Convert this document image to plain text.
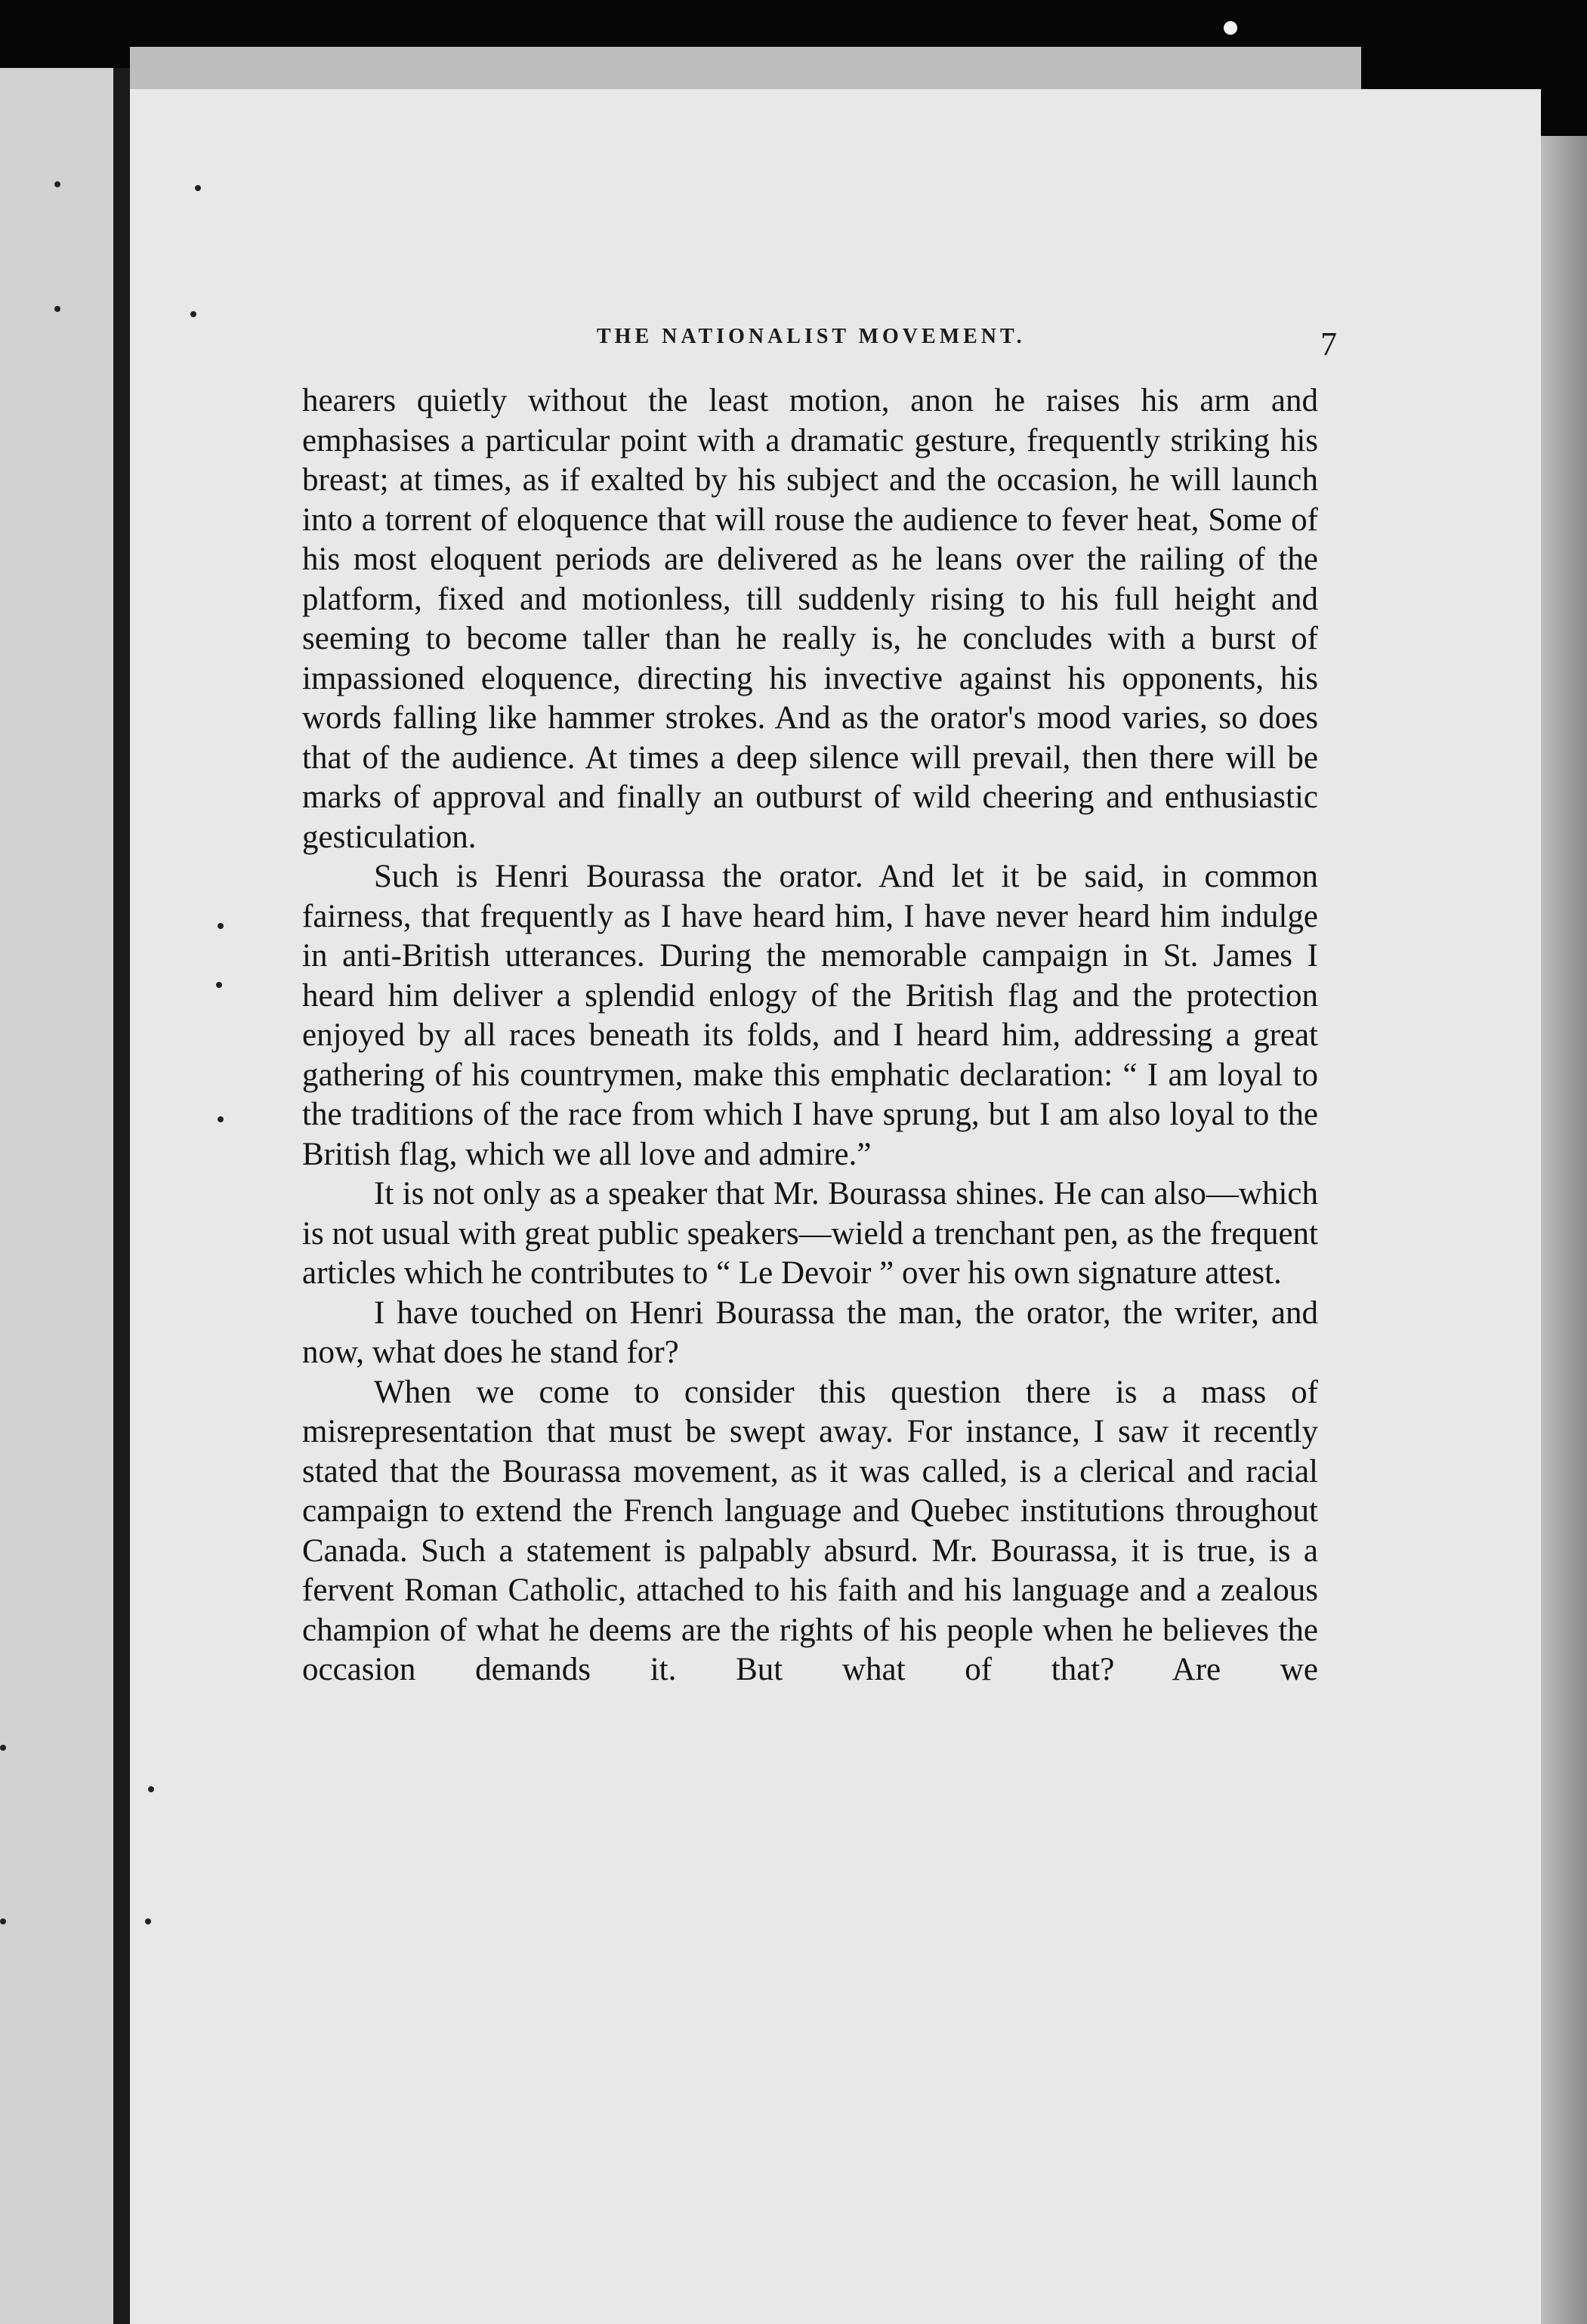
THE NATIONALIST MOVEMENT.	7

hearers quietly without the least motion, anon he raises his arm and emphasises a particular point with a dramatic gesture, frequently striking his breast; at times, as if exalted by his subject and the occasion, he will launch into a torrent of eloquence that will rouse the audience to fever heat, Some of his most eloquent periods are delivered as he leans over the railing of the platform, fixed and motionless, till suddenly rising to his full height and seeming to become taller than he really is, he concludes with a burst of impassioned eloquence, directing his invective against his opponents, his words falling like hammer strokes. And as the orator's mood varies, so does that of the audience. At times a deep silence will prevail, then there will be marks of approval and finally an outburst of wild cheering and enthusiastic gesticulation.

Such is Henri Bourassa the orator. And let it be said, in common fairness, that frequently as I have heard him, I have never heard him indulge in anti-British utterances. During the memorable campaign in St. James I heard him deliver a splendid enlogy of the British flag and the protection enjoyed by all races beneath its folds, and I heard him, addressing a great gathering of his countrymen, make this emphatic declaration: “ I am loyal to the traditions of the race from which I have sprung, but I am also loyal to the British flag, which we all love and admire.”

It is not only as a speaker that Mr. Bourassa shines. He can also—which is not usual with great public speakers—wield a trenchant pen, as the frequent articles which he contributes to “ Le Devoir ” over his own signature attest.

I have touched on Henri Bourassa the man, the orator, the writer, and now, what does he stand for?

When we come to consider this question there is a mass of misrepresentation that must be swept away. For instance, I saw it recently stated that the Bourassa movement, as it was called, is a clerical and racial campaign to extend the French language and Quebec institutions throughout Canada. Such a statement is palpably absurd. Mr. Bourassa, it is true, is a fervent Roman Catholic, attached to his faith and his language and a zealous champion of what he deems are the rights of his people when he believes the occasion demands it. But what of that? Are we
